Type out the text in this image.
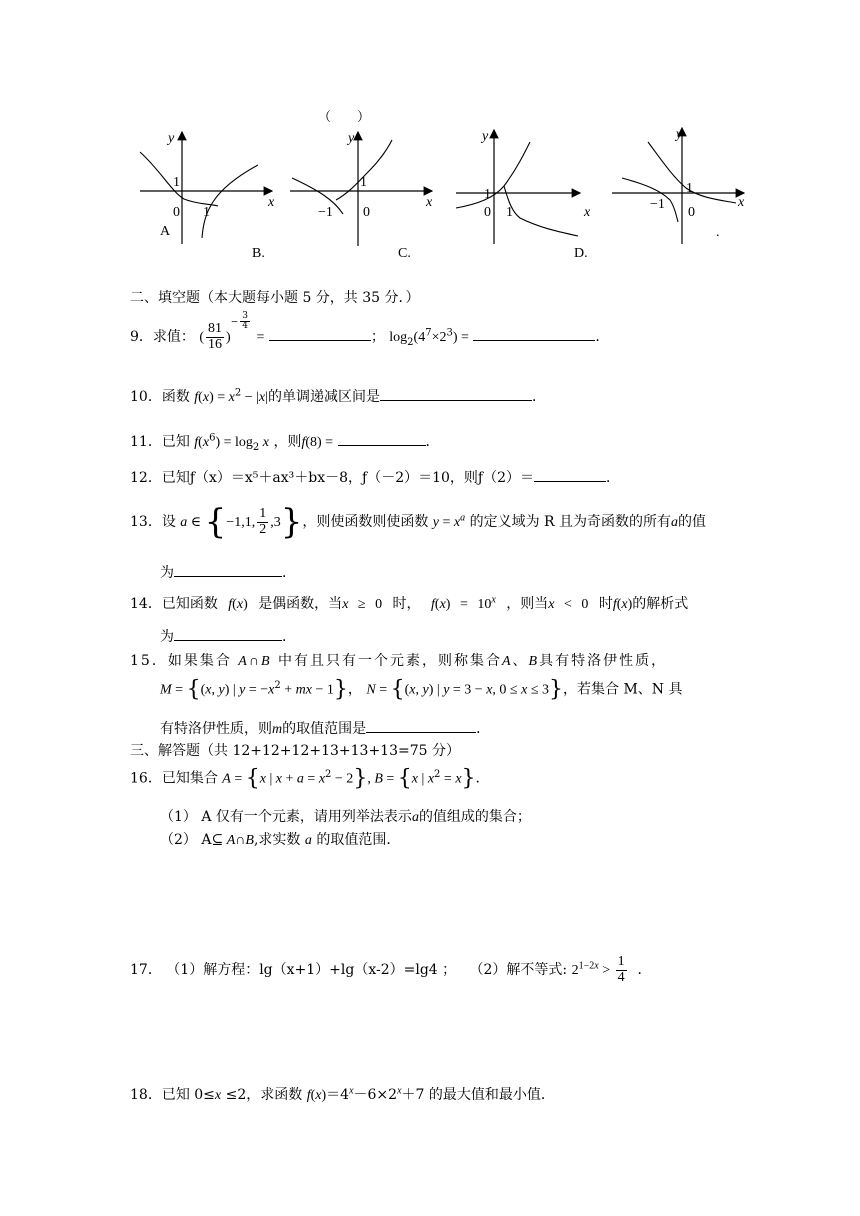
（　　）
x
y
1
0 1
A
x
y
1
−1 0
B.
x
y
1
0 1
C.
x
y
1
−1
0
.
D.
二、填空题（本大题每小题 5 分，共 35 分．）
9．求值： ( $\frac{81}{16}$ )− $\frac{3}{4}$
=	； $\log_2(4^7\times 2^3)$ =	．
10．函数 $f(x) = x^2 - |x|$的单调递减区间是	．
11．已知 $f(x^6) = \log_2 x$ ，则f(8) =	．
12．已知ƒ（x）＝x⁵＋ax³＋bx－8，ƒ（－2）＝10，则ƒ（2）＝	．
13．设 a ∈ {−1,1, $\frac{1}{2} ,3$}，则使函数则使函数 $y = x^a$ 的定义域为 R 且为奇函数的所有a的值
为	．
14．已知函数 f(x) 是偶函数，当x ≥ 0 时， $f(x) = 10^x$ ，则当x < 0 时f(x)的解析式
为	．
15．如果集合 A∩B 中有且只有一个元素，则称集合A、B具有特洛伊性质，
M = {(x, y) | $y = -x^2$ + mx − 1}， N = {(x, y) | y = 3 − x, 0 ≤ x ≤ 3}，若集合 M、N 具
有特洛伊性质，则m的取值范围是	．
三、解答题（共 12+12+12+13+13+13=75 分）
16．已知集合 A = {x | $x + a = x^2 - 2$}, B = {x | $x^2 = x$}．
（1） A 仅有一个元素，请用列举法表示a的值组成的集合；
（2） A⊆ A∩B,求实数 a 的取值范围．
17． （1）解方程：lg（x+1）+lg（x-2）=lg4 ； （2）解不等式: $2^{1-2x} > \frac{1}{4}$ ．
18．已知 0≤x ≤2，求函数 $f(x)=4^x-6\times 2^x+7$ 的最大值和最小值．
